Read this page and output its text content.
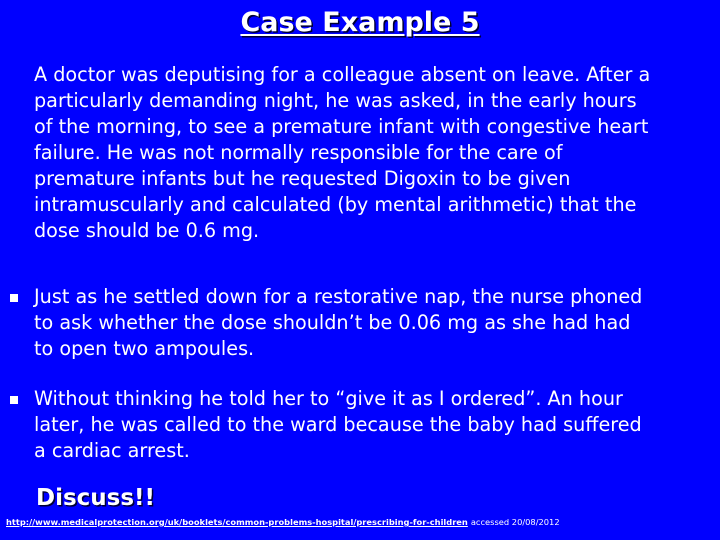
Case Example 5
A doctor was deputising for a colleague absent on leave. After a
particularly demanding night, he was asked, in the early hours
of the morning, to see a premature infant with congestive heart
failure. He was not normally responsible for the care of
premature infants but he requested Digoxin to be given
intramuscularly and calculated (by mental arithmetic) that the
dose should be 0.6 mg.
Just as he settled down for a restorative nap, the nurse phoned
to ask whether the dose shouldn’t be 0.06 mg as she had had
to open two ampoules.
Without thinking he told her to “give it as I ordered”. An hour
later, he was called to the ward because the baby had suffered
a cardiac arrest.
Discuss!!
http://www.medicalprotection.org/uk/booklets/common-problems-hospital/prescribing-for-children accessed 20/08/2012
